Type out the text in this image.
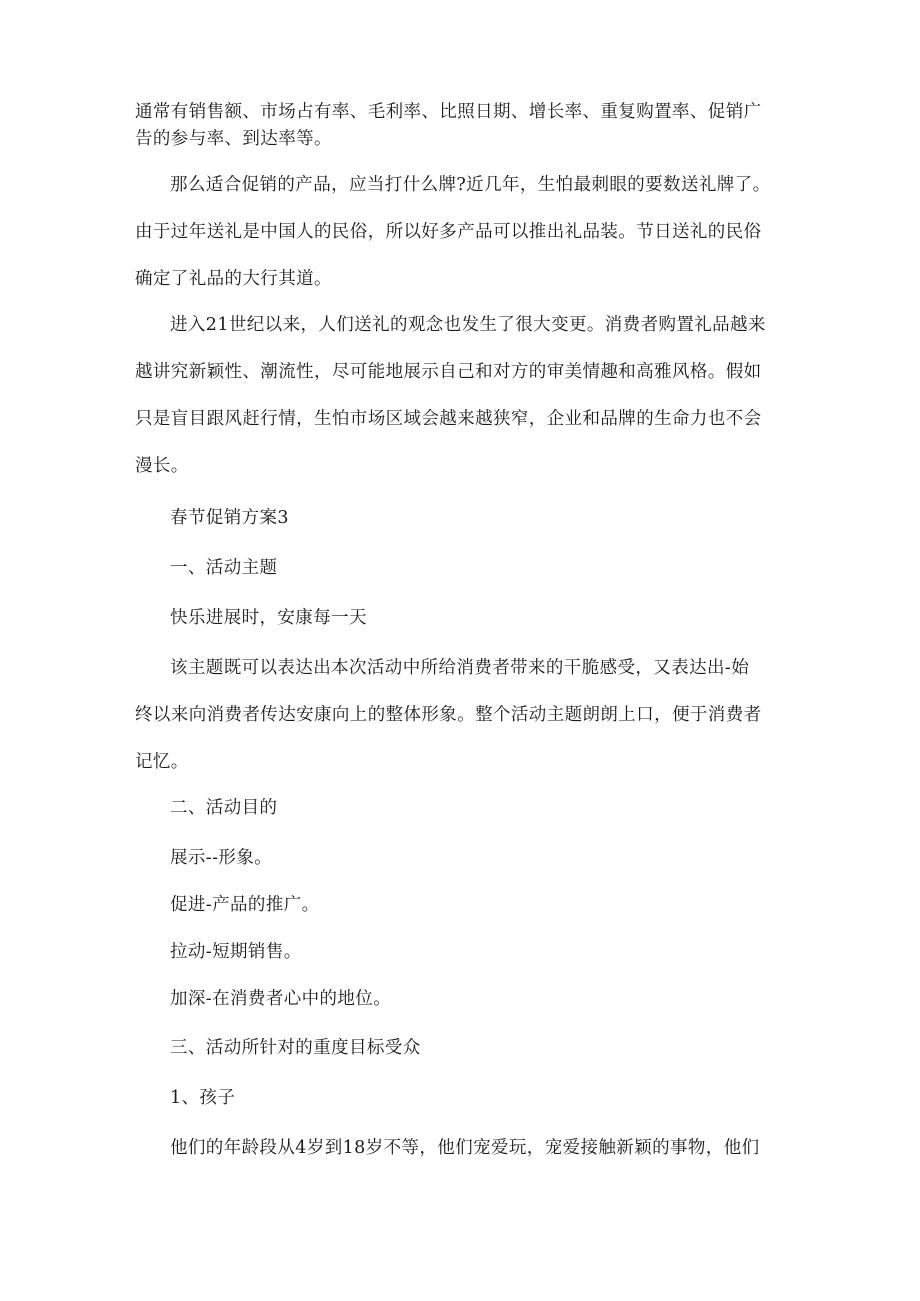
通常有销售额、市场占有率、毛利率、比照日期、增长率、重复购置率、促销广
告的参与率、到达率等。

那么适合促销的产品，应当打什么牌?近几年，生怕最刺眼的要数送礼牌了。
由于过年送礼是中国人的民俗，所以好多产品可以推出礼品装。节日送礼的民俗
确定了礼品的大行其道。

进入21世纪以来，人们送礼的观念也发生了很大变更。消费者购置礼品越来
越讲究新颖性、潮流性，尽可能地展示自己和对方的审美情趣和高雅风格。假如
只是盲目跟风赶行情，生怕市场区域会越来越狭窄，企业和品牌的生命力也不会
漫长。

春节促销方案3

一、活动主题

快乐进展时，安康每一天

该主题既可以表达出本次活动中所给消费者带来的干脆感受，又表达出-始
终以来向消费者传达安康向上的整体形象。整个活动主题朗朗上口，便于消费者
记忆。

二、活动目的

展示--形象。

促进-产品的推广。

拉动-短期销售。

加深-在消费者心中的地位。

三、活动所针对的重度目标受众

1、孩子

他们的年龄段从4岁到18岁不等，他们宠爱玩，宠爱接触新颖的事物，他们
